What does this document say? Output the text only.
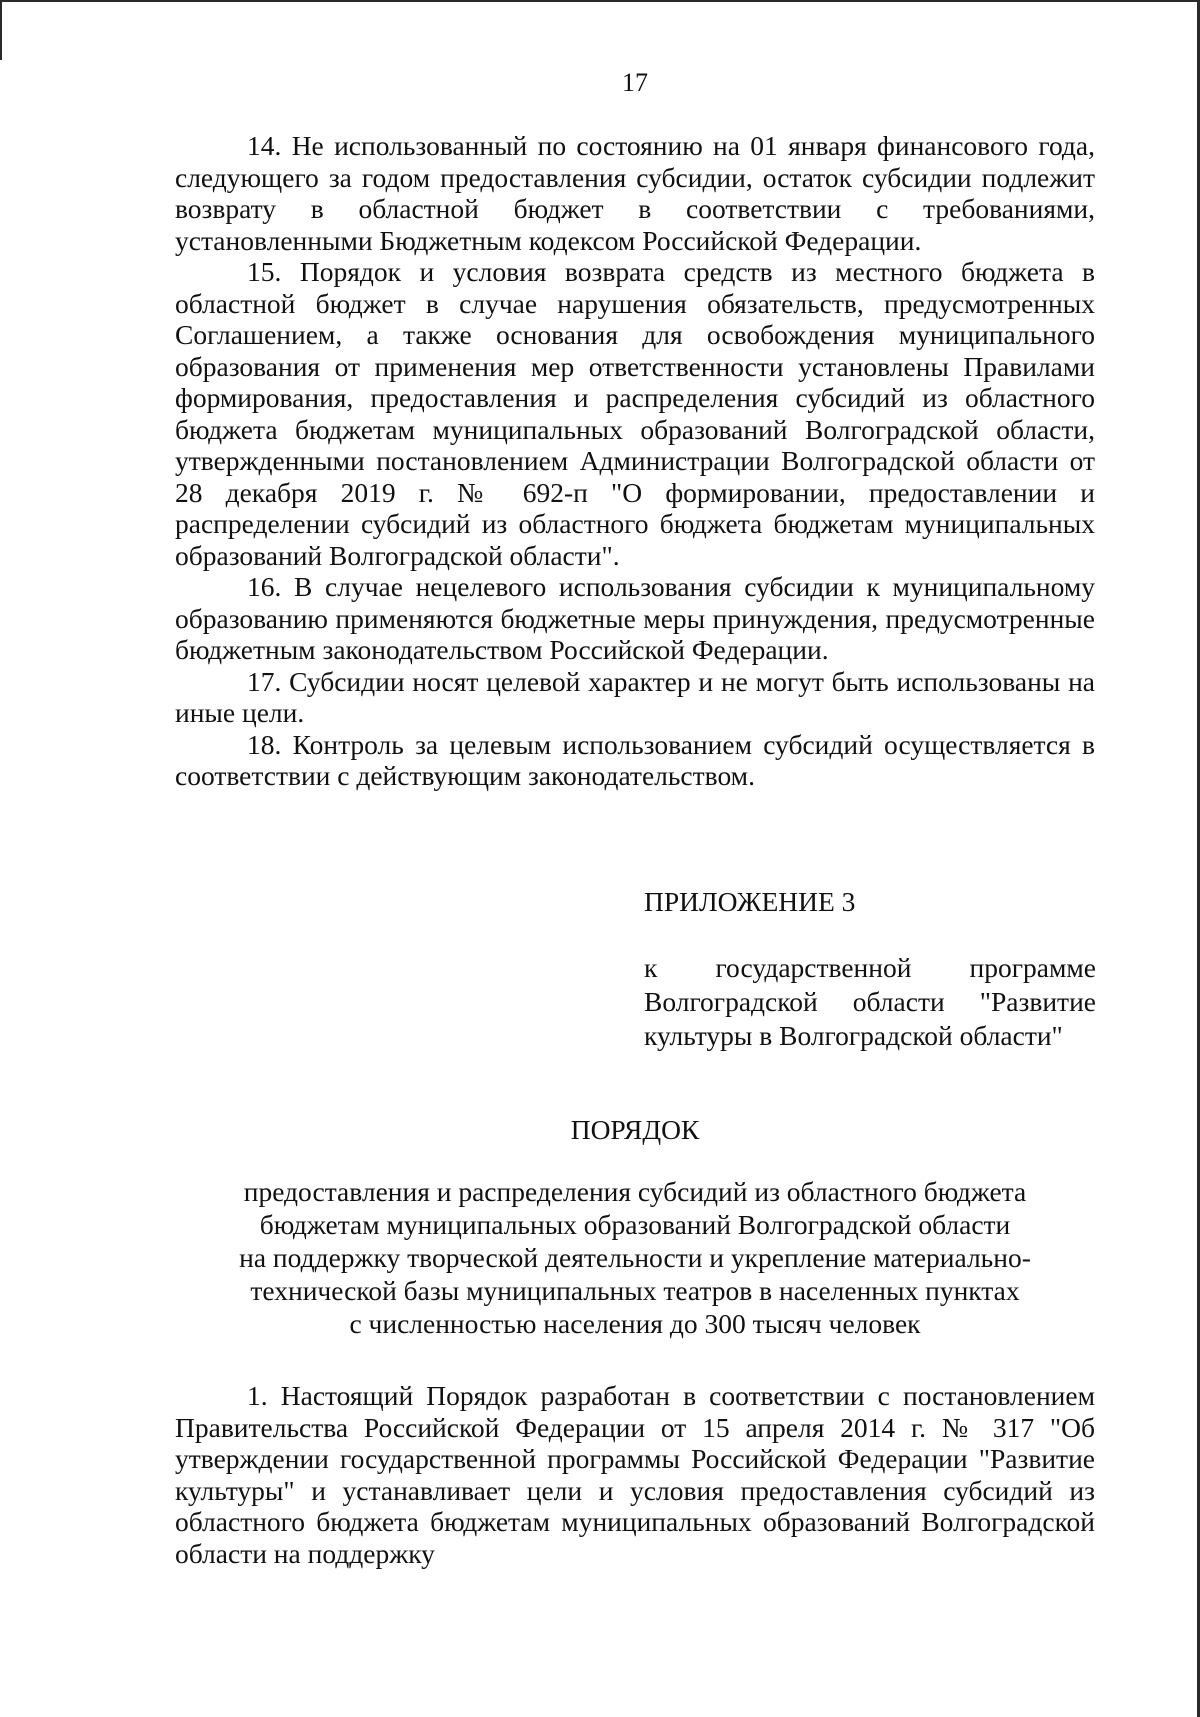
17

14. Не использованный по состоянию на 01 января финансового года, следующего за годом предоставления субсидии, остаток субсидии подлежит возврату в областной бюджет в соответствии с требованиями, установленными Бюджетным кодексом Российской Федерации.

15. Порядок и условия возврата средств из местного бюджета в областной бюджет в случае нарушения обязательств, предусмотренных Соглашением, а также основания для освобождения муниципального образования от применения мер ответственности установлены Правилами формирования, предоставления и распределения субсидий из областного бюджета бюджетам муниципальных образований Волгоградской области, утвержденными постановлением Администрации Волгоградской области от 28 декабря 2019 г. № 692-п "О формировании, предоставлении и распределении субсидий из областного бюджета бюджетам муниципальных образований Волгоградской области".

16. В случае нецелевого использования субсидии к муниципальному образованию применяются бюджетные меры принуждения, предусмотренные бюджетным законодательством Российской Федерации.

17. Субсидии носят целевой характер и не могут быть использованы на иные цели.

18. Контроль за целевым использованием субсидий осуществляется в соответствии с действующим законодательством.

ПРИЛОЖЕНИЕ 3
к государственной программе Волгоградской области "Развитие культуры в Волгоградской области"
ПОРЯДОК
предоставления и распределения субсидий из областного бюджета
бюджетам муниципальных образований Волгоградской области
на поддержку творческой деятельности и укрепление материально-
технической базы муниципальных театров в населенных пунктах
с численностью населения до 300 тысяч человек

1. Настоящий Порядок разработан в соответствии с постановлением Правительства Российской Федерации от 15 апреля 2014 г. № 317 "Об утверждении государственной программы Российской Федерации "Развитие культуры" и устанавливает цели и условия предоставления субсидий из областного бюджета бюджетам муниципальных образований Волгоградской области на поддержку
